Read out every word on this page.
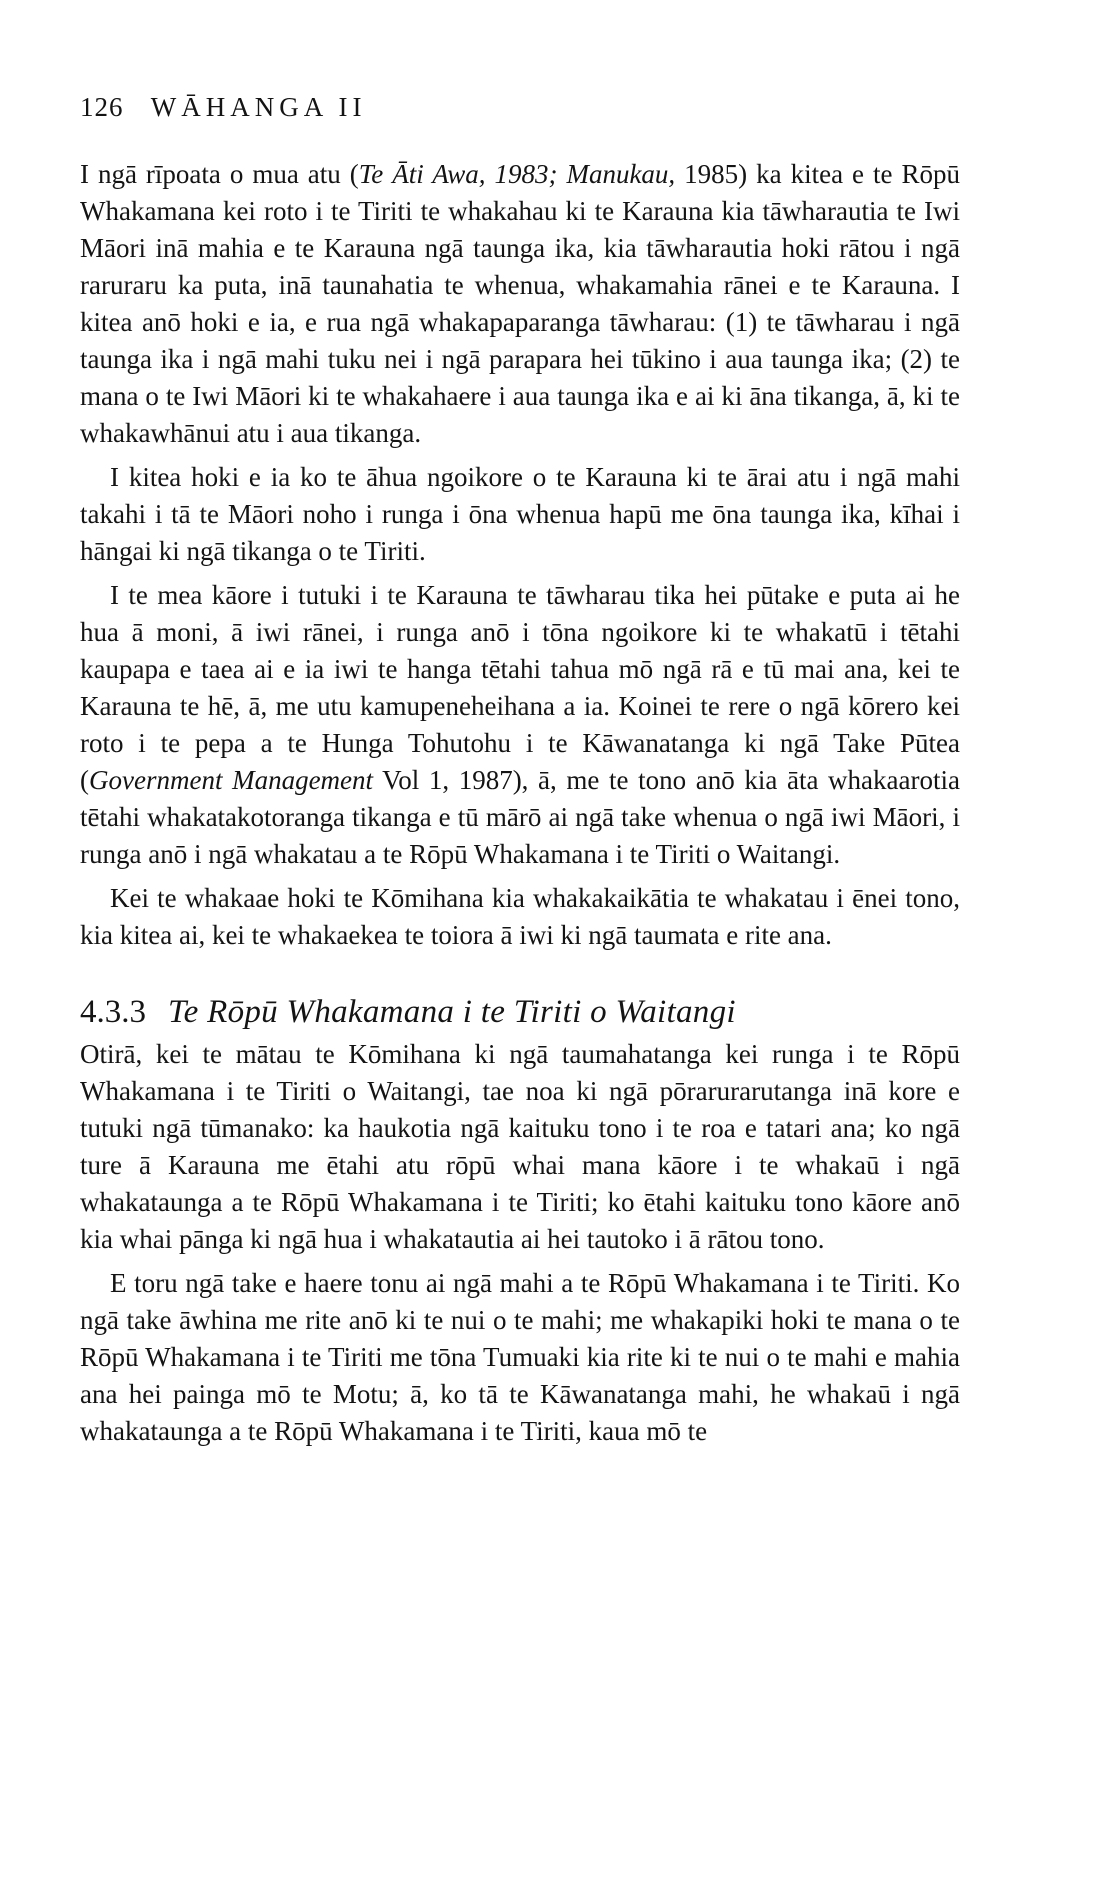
126 WĀHANGA II

I ngā rīpoata o mua atu (Te Āti Awa, 1983; Manukau, 1985) ka kitea e te Rōpū Whakamana kei roto i te Tiriti te whakahau ki te Karauna kia tāwharautia te Iwi Māori inā mahia e te Karauna ngā taunga ika, kia tāwharautia hoki rātou i ngā raruraru ka puta, inā taunahatia te whenua, whakamahia rānei e te Karauna. I kitea anō hoki e ia, e rua ngā whakapaparanga tāwharau: (1) te tāwharau i ngā taunga ika i ngā mahi tuku nei i ngā parapara hei tūkino i aua taunga ika; (2) te mana o te Iwi Māori ki te whakahaere i aua taunga ika e ai ki āna tikanga, ā, ki te whakawhānui atu i aua tikanga.

I kitea hoki e ia ko te āhua ngoikore o te Karauna ki te ārai atu i ngā mahi takahi i tā te Māori noho i runga i ōna whenua hapū me ōna taunga ika, kīhai i hāngai ki ngā tikanga o te Tiriti.

I te mea kāore i tutuki i te Karauna te tāwharau tika hei pūtake e puta ai he hua ā moni, ā iwi rānei, i runga anō i tōna ngoikore ki te whakatū i tētahi kaupapa e taea ai e ia iwi te hanga tētahi tahua mō ngā rā e tū mai ana, kei te Karauna te hē, ā, me utu kamupeneheihana a ia. Koinei te rere o ngā kōrero kei roto i te pepa a te Hunga Tohutohu i te Kāwanatanga ki ngā Take Pūtea (Government Management Vol 1, 1987), ā, me te tono anō kia āta whakaarotia tētahi whakatakotoranga tikanga e tū mārō ai ngā take whenua o ngā iwi Māori, i runga anō i ngā whakatau a te Rōpū Whakamana i te Tiriti o Waitangi.

Kei te whakaae hoki te Kōmihana kia whakakaikātia te whakatau i ēnei tono, kia kitea ai, kei te whakaekea te toiora ā iwi ki ngā taumata e rite ana.

4.3.3 Te Rōpū Whakamana i te Tiriti o Waitangi

Otirā, kei te mātau te Kōmihana ki ngā taumahatanga kei runga i te Rōpū Whakamana i te Tiriti o Waitangi, tae noa ki ngā pōrarurarutanga inā kore e tutuki ngā tūmanako: ka haukotia ngā kaituku tono i te roa e tatari ana; ko ngā ture ā Karauna me ētahi atu rōpū whai mana kāore i te whakaū i ngā whakataunga a te Rōpū Whakamana i te Tiriti; ko ētahi kaituku tono kāore anō kia whai pānga ki ngā hua i whakatautia ai hei tautoko i ā rātou tono.

E toru ngā take e haere tonu ai ngā mahi a te Rōpū Whakamana i te Tiriti. Ko ngā take āwhina me rite anō ki te nui o te mahi; me whakapiki hoki te mana o te Rōpū Whakamana i te Tiriti me tōna Tumuaki kia rite ki te nui o te mahi e mahia ana hei painga mō te Motu; ā, ko tā te Kāwanatanga mahi, he whakaū i ngā whakataunga a te Rōpū Whakamana i te Tiriti, kaua mō te
